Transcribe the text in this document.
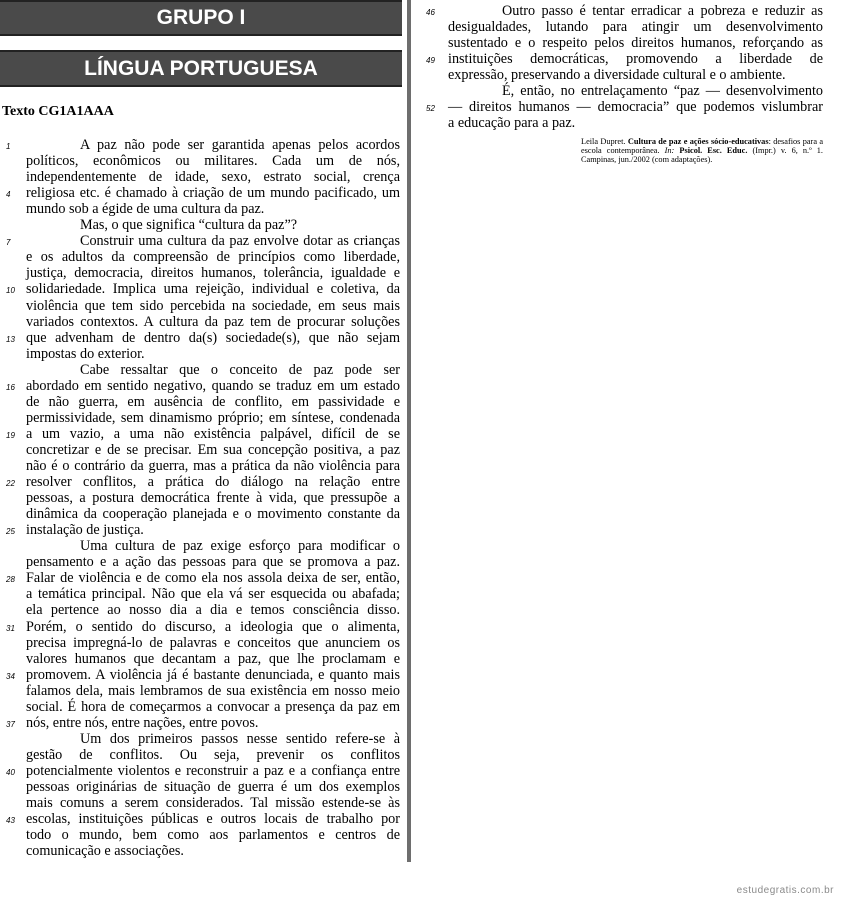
GRUPO I
LÍNGUA PORTUGUESA
Texto CG1A1AAA
A paz não pode ser garantida apenas pelos acordos
políticos, econômicos ou militares. Cada um de nós,
independentemente de idade, sexo, estrato social, crença
religiosa etc. é chamado à criação de um mundo pacificado, um
mundo sob a égide de uma cultura da paz.
Mas, o que significa “cultura da paz”?
Construir uma cultura da paz envolve dotar as crianças
e os adultos da compreensão de princípios como liberdade,
justiça, democracia, direitos humanos, tolerância, igualdade e
solidariedade. Implica uma rejeição, individual e coletiva, da
violência que tem sido percebida na sociedade, em seus mais
variados contextos. A cultura da paz tem de procurar soluções
que advenham de dentro da(s) sociedade(s), que não sejam
impostas do exterior.
Cabe ressaltar que o conceito de paz pode ser
abordado em sentido negativo, quando se traduz em um estado
de não guerra, em ausência de conflito, em passividade e
permissividade, sem dinamismo próprio; em síntese, condenada
a um vazio, a uma não existência palpável, difícil de se
concretizar e de se precisar. Em sua concepção positiva, a paz
não é o contrário da guerra, mas a prática da não violência para
resolver conflitos, a prática do diálogo na relação entre
pessoas, a postura democrática frente à vida, que pressupõe a
dinâmica da cooperação planejada e o movimento constante da
instalação de justiça.
Uma cultura de paz exige esforço para modificar o
pensamento e a ação das pessoas para que se promova a paz.
Falar de violência e de como ela nos assola deixa de ser, então,
a temática principal. Não que ela vá ser esquecida ou abafada;
ela pertence ao nosso dia a dia e temos consciência disso.
Porém, o sentido do discurso, a ideologia que o alimenta,
precisa impregná-lo de palavras e conceitos que anunciem os
valores humanos que decantam a paz, que lhe proclamam e
promovem. A violência já é bastante denunciada, e quanto mais
falamos dela, mais lembramos de sua existência em nosso meio
social. É hora de começarmos a convocar a presença da paz em
nós, entre nós, entre nações, entre povos.
Um dos primeiros passos nesse sentido refere-se à
gestão de conflitos. Ou seja, prevenir os conflitos
potencialmente violentos e reconstruir a paz e a confiança entre
pessoas originárias de situação de guerra é um dos exemplos
mais comuns a serem considerados. Tal missão estende-se às
escolas, instituições públicas e outros locais de trabalho por
todo o mundo, bem como aos parlamentos e centros de
comunicação e associações.
1
4
7
10
13
16
19
22
25
28
31
34
37
40
43
Outro passo é tentar erradicar a pobreza e reduzir as
desigualdades, lutando para atingir um desenvolvimento
sustentado e o respeito pelos direitos humanos, reforçando as
instituições democráticas, promovendo a liberdade de
expressão, preservando a diversidade cultural e o ambiente.
É, então, no entrelaçamento “paz — desenvolvimento
— direitos humanos — democracia” que podemos vislumbrar
a educação para a paz.
46
49
52
Leila Dupret. Cultura de paz e ações sócio-educativas: desafios para a escola contemporânea. In: Psicol. Esc. Educ. (Impr.) v. 6, n.º 1. Campinas, jun./2002 (com adaptações).
estudegratis.com.br
